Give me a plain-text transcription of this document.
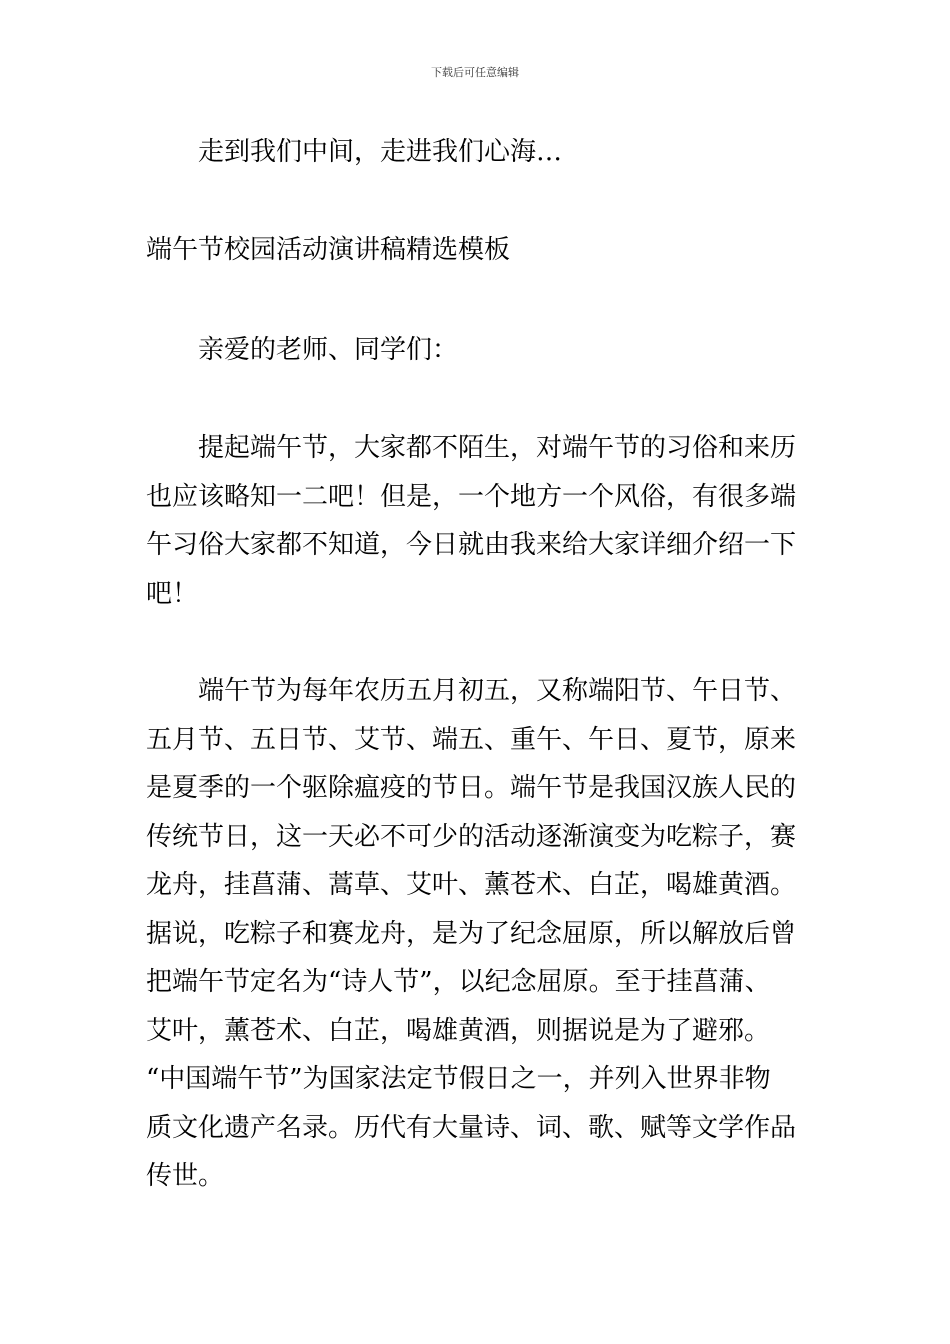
下载后可任意编辑
走到我们中间，走进我们心海…
端午节校园活动演讲稿精选模板
亲爱的老师、同学们：
提起端午节，大家都不陌生，对端午节的习俗和来历
也应该略知一二吧！但是，一个地方一个风俗，有很多端
午习俗大家都不知道，今日就由我来给大家详细介绍一下
吧！
端午节为每年农历五月初五，又称端阳节、午日节、
五月节、五日节、艾节、端五、重午、午日、夏节，原来
是夏季的一个驱除瘟疫的节日。端午节是我国汉族人民的
传统节日，这一天必不可少的活动逐渐演变为吃粽子，赛
龙舟，挂菖蒲、蒿草、艾叶、薰苍术、白芷，喝雄黄酒。
据说，吃粽子和赛龙舟，是为了纪念屈原，所以解放后曾
把端午节定名为“诗人节”，以纪念屈原。至于挂菖蒲、
艾叶，薰苍术、白芷，喝雄黄酒，则据说是为了避邪。
“中国端午节”为国家法定节假日之一，并列入世界非物
质文化遗产名录。历代有大量诗、词、歌、赋等文学作品
传世。
